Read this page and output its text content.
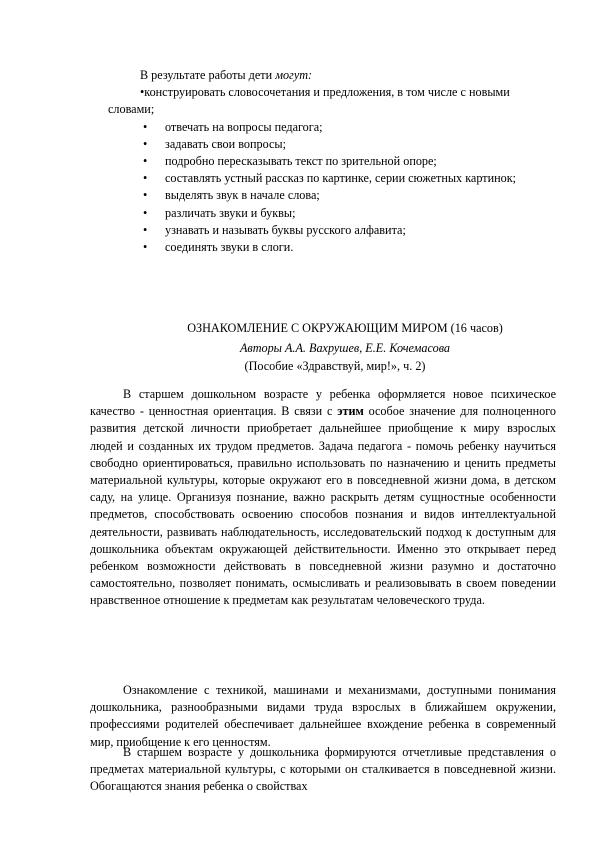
В результате работы дети могут:

•конструировать словосочетания и предложения, в том числе с новыми словами;

• отвечать на вопросы педагога;
• задавать свои вопросы;
• подробно пересказывать текст по зрительной опоре;
• составлять устный рассказ по картинке, серии сюжетных картинок;
• выделять звук в начале слова;
• различать звуки и буквы;
• узнавать и называть буквы русского алфавита;
• соединять звуки в слоги.
ОЗНАКОМЛЕНИЕ С ОКРУЖАЮЩИМ МИРОМ (16 часов)
Авторы А.А. Вахрушев, Е.Е. Кочемасова
(Пособие «Здравствуй, мир!», ч. 2)

В старшем дошкольном возрасте у ребенка оформляется новое психическое качество - ценностная ориентация. В связи с этим особое значение для полноценного развития детской личности приобретает дальнейшее приобщение к миру взрослых людей и созданных их трудом предметов. Задача педагога - помочь ребенку научиться свободно ориентироваться, правильно использовать по назначению и ценить предметы материальной культуры, которые окружают его в повседневной жизни дома, в детском саду, на улице. Организуя познание, важно раскрыть детям сущностные особенности предметов, способствовать освоению способов познания и видов интеллектуальной деятельности, развивать наблюдательность, исследовательский подход к доступным для дошкольника объектам окружающей действительности. Именно это открывает перед ребенком возможности действовать в повседневной жизни разумно и достаточно самостоятельно, позволяет понимать, осмысливать и реализовывать в своем поведении нравственное отношение к предметам как результатам человеческого труда.

Ознакомление с техникой, машинами и механизмами, доступными понимания дошкольника, разнообразными видами труда взрослых в ближайшем окружении, профессиями родителей обеспечивает дальнейшее вхождение ребенка в современный мир, приобщение к его ценностям.

В старшем возрасте у дошкольника формируются отчетливые представления о предметах материальной культуры, с которыми он сталкивается в повседневной жизни. Обогащаются знания ребенка о свойствах
